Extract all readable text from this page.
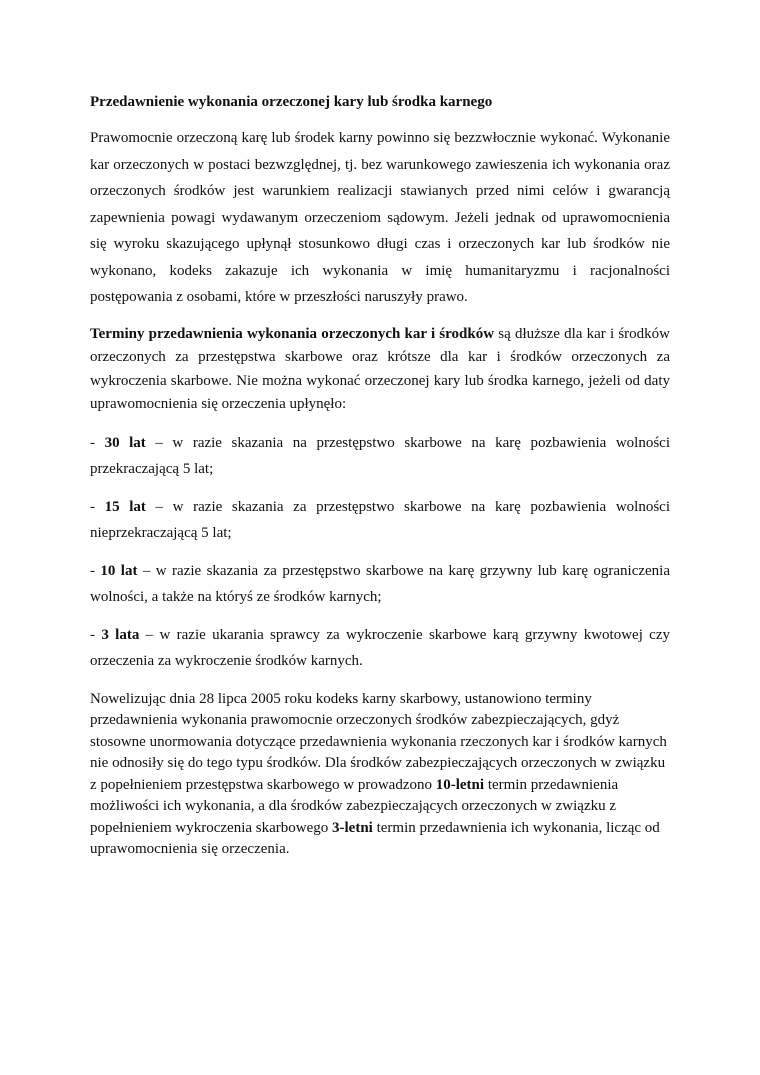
Przedawnienie wykonania orzeczonej kary lub środka karnego

Prawomocnie orzeczoną karę lub środek karny powinno się bezzwłocznie wykonać. Wykonanie kar orzeczonych w postaci bezwzględnej, tj. bez warunkowego zawieszenia ich wykonania oraz orzeczonych środków jest warunkiem realizacji stawianych przed nimi celów i gwarancją zapewnienia powagi wydawanym orzeczeniom sądowym. Jeżeli jednak od uprawomocnienia się wyroku skazującego upłynął stosunkowo długi czas i orzeczonych kar lub środków nie wykonano, kodeks zakazuje ich wykonania w imię humanitaryzmu i racjonalności postępowania z osobami, które w przeszłości naruszyły prawo.

Terminy przedawnienia wykonania orzeczonych kar i środków są dłuższe dla kar i środków orzeczonych za przestępstwa skarbowe oraz krótsze dla kar i środków orzeczonych za wykroczenia skarbowe. Nie można wykonać orzeczonej kary lub środka karnego, jeżeli od daty uprawomocnienia się orzeczenia upłynęło:

- 30 lat – w razie skazania na przestępstwo skarbowe na karę pozbawienia wolności przekraczającą 5 lat;

- 15 lat – w razie skazania za przestępstwo skarbowe na karę pozbawienia wolności nieprzekraczającą 5 lat;

- 10 lat – w razie skazania za przestępstwo skarbowe na karę grzywny lub karę ograniczenia wolności, a także na któryś ze środków karnych;

- 3 lata – w razie ukarania sprawcy za wykroczenie skarbowe karą grzywny kwotowej czy orzeczenia za wykroczenie środków karnych.

Nowelizując dnia 28 lipca 2005 roku kodeks karny skarbowy, ustanowiono terminy przedawnienia wykonania prawomocnie orzeczonych środków zabezpieczających, gdyż stosowne unormowania dotyczące przedawnienia wykonania rzeczonych kar i środków karnych nie odnosiły się do tego typu środków. Dla środków zabezpieczających orzeczonych w związku z popełnieniem przestępstwa skarbowego w prowadzono 10-letni termin przedawnienia możliwości ich wykonania, a dla środków zabezpieczających orzeczonych w związku z popełnieniem wykroczenia skarbowego 3-letni termin przedawnienia ich wykonania, licząc od uprawomocnienia się orzeczenia.
